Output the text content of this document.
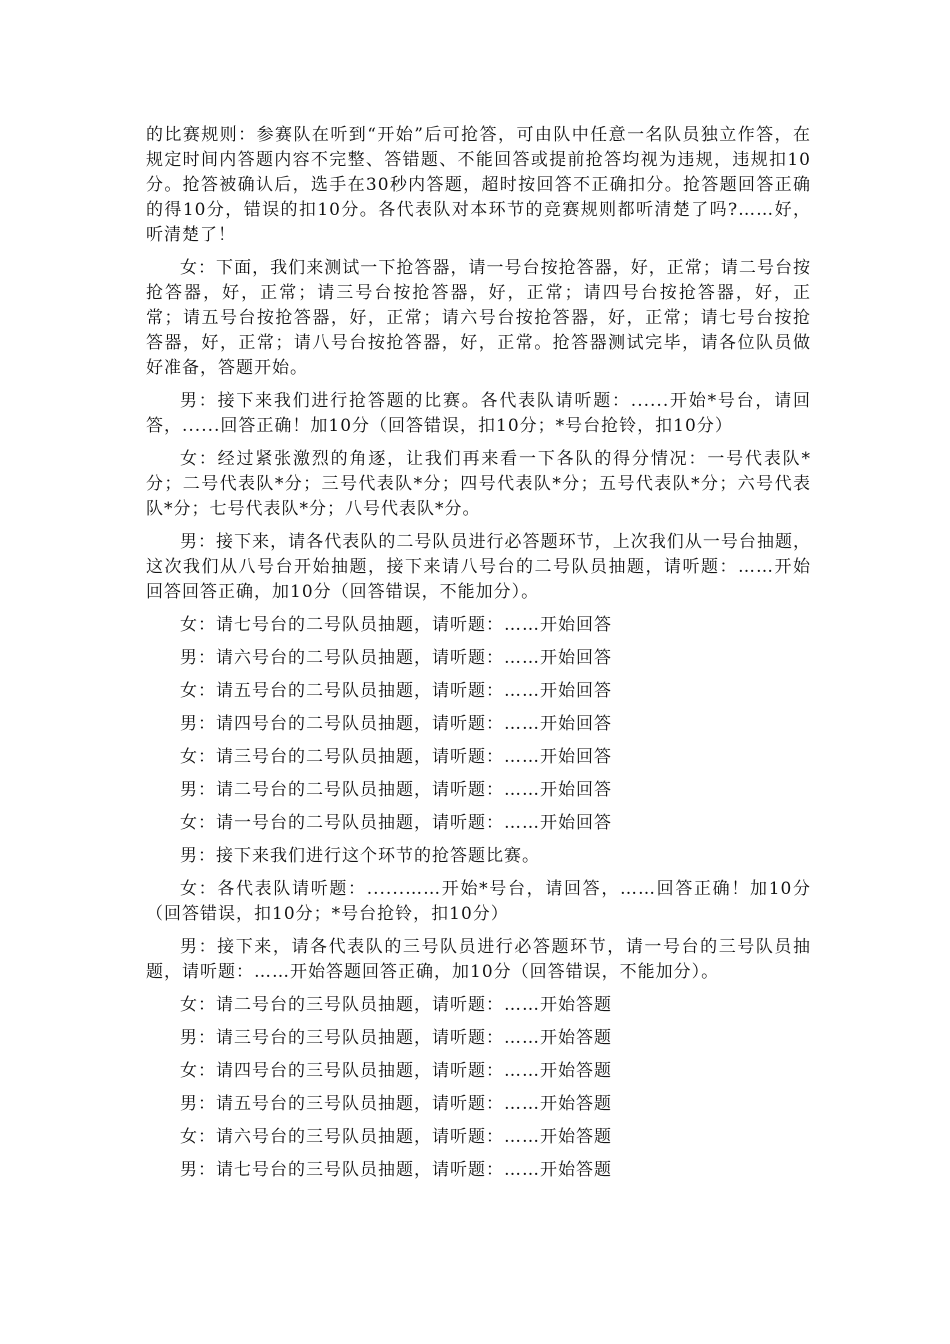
的比赛规则：参赛队在听到“开始”后可抢答，可由队中任意一名队员独立作答，在规定时间内答题内容不完整、答错题、不能回答或提前抢答均视为违规，违规扣10分。抢答被确认后，选手在30秒内答题，超时按回答不正确扣分。抢答题回答正确的得10分，错误的扣10分。各代表队对本环节的竞赛规则都听清楚了吗?……好，听清楚了！

女：下面，我们来测试一下抢答器，请一号台按抢答器，好，正常；请二号台按抢答器，好，正常；请三号台按抢答器，好，正常；请四号台按抢答器，好，正常；请五号台按抢答器，好，正常；请六号台按抢答器，好，正常；请七号台按抢答器，好，正常；请八号台按抢答器，好，正常。抢答器测试完毕，请各位队员做好准备，答题开始。

男：接下来我们进行抢答题的比赛。各代表队请听题：......开始*号台，请回答，......回答正确！加10分（回答错误，扣10分；*号台抢铃，扣10分）

女：经过紧张激烈的角逐，让我们再来看一下各队的得分情况：一号代表队*分；二号代表队*分；三号代表队*分；四号代表队*分；五号代表队*分；六号代表队*分；七号代表队*分；八号代表队*分。

男：接下来，请各代表队的二号队员进行必答题环节，上次我们从一号台抽题，这次我们从八号台开始抽题，接下来请八号台的二号队员抽题，请听题：……开始回答回答正确，加10分（回答错误，不能加分）。

女：请七号台的二号队员抽题，请听题：……开始回答

男：请六号台的二号队员抽题，请听题：……开始回答

女：请五号台的二号队员抽题，请听题：……开始回答

男：请四号台的二号队员抽题，请听题：……开始回答

女：请三号台的二号队员抽题，请听题：……开始回答

男：请二号台的二号队员抽题，请听题：……开始回答

女：请一号台的二号队员抽题，请听题：……开始回答

男：接下来我们进行这个环节的抢答题比赛。

女：各代表队请听题：......……开始*号台，请回答，……回答正确！加10分（回答错误，扣10分；*号台抢铃，扣10分）

男：接下来，请各代表队的三号队员进行必答题环节，请一号台的三号队员抽题，请听题：……开始答题回答正确，加10分（回答错误，不能加分）。

女：请二号台的三号队员抽题，请听题：……开始答题

男：请三号台的三号队员抽题，请听题：……开始答题

女：请四号台的三号队员抽题，请听题：……开始答题

男：请五号台的三号队员抽题，请听题：……开始答题

女：请六号台的三号队员抽题，请听题：……开始答题

男：请七号台的三号队员抽题，请听题：……开始答题
